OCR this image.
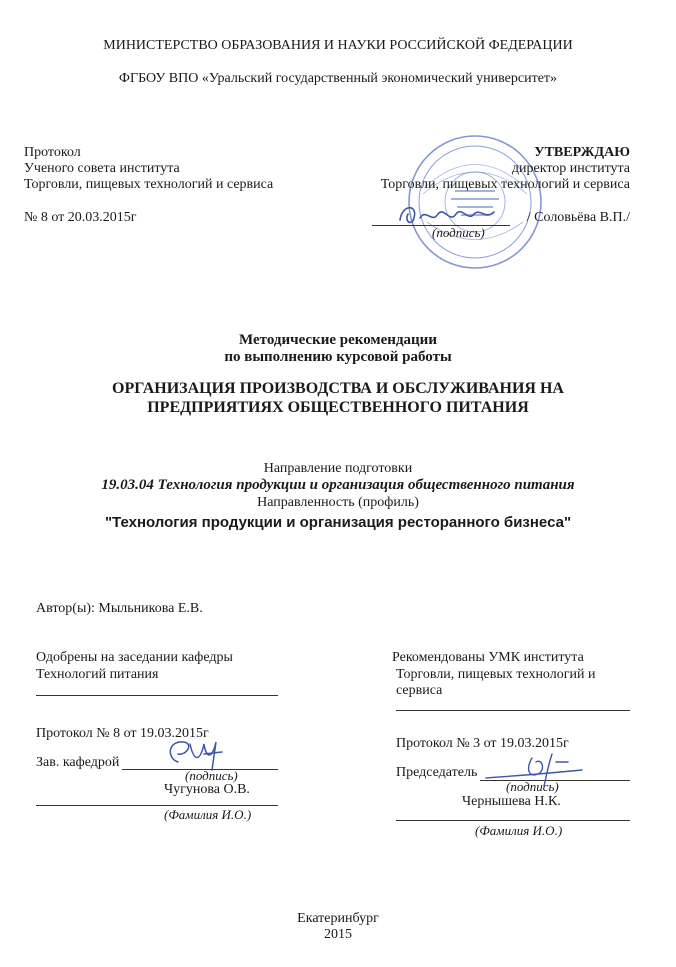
МИНИСТЕРСТВО ОБРАЗОВАНИЯ И НАУКИ РОССИЙСКОЙ ФЕДЕРАЦИИ
ФГБОУ ВПО «Уральский государственный экономический университет»
Протокол
Ученого совета института
Торговли, пищевых технологий и сервиса
№ 8 от 20.03.2015г
УТВЕРЖДАЮ
директор института
Торговли, пищевых технологий и сервиса
/ Соловьёва В.П./
(подпись)
Методические рекомендации
по выполнению курсовой работы
ОРГАНИЗАЦИЯ ПРОИЗВОДСТВА И ОБСЛУЖИВАНИЯ НА
ПРЕДПРИЯТИЯХ ОБЩЕСТВЕННОГО ПИТАНИЯ
Направление подготовки
19.03.04 Технология продукции и организация общественного питания
Направленность (профиль)
"Технология продукции и организация ресторанного бизнеса"
Автор(ы): Мыльникова Е.В.
Одобрены на заседании кафедры
Технологий питания
Протокол № 8 от 19.03.2015г
Зав. кафедрой
(подпись)
Чугунова О.В.
(Фамилия И.О.)
Рекомендованы УМК института
Торговли, пищевых технологий и
сервиса
Протокол № 3 от 19.03.2015г
Председатель
(подпись)
Чернышева Н.К.
(Фамилия И.О.)
Екатеринбург
2015
